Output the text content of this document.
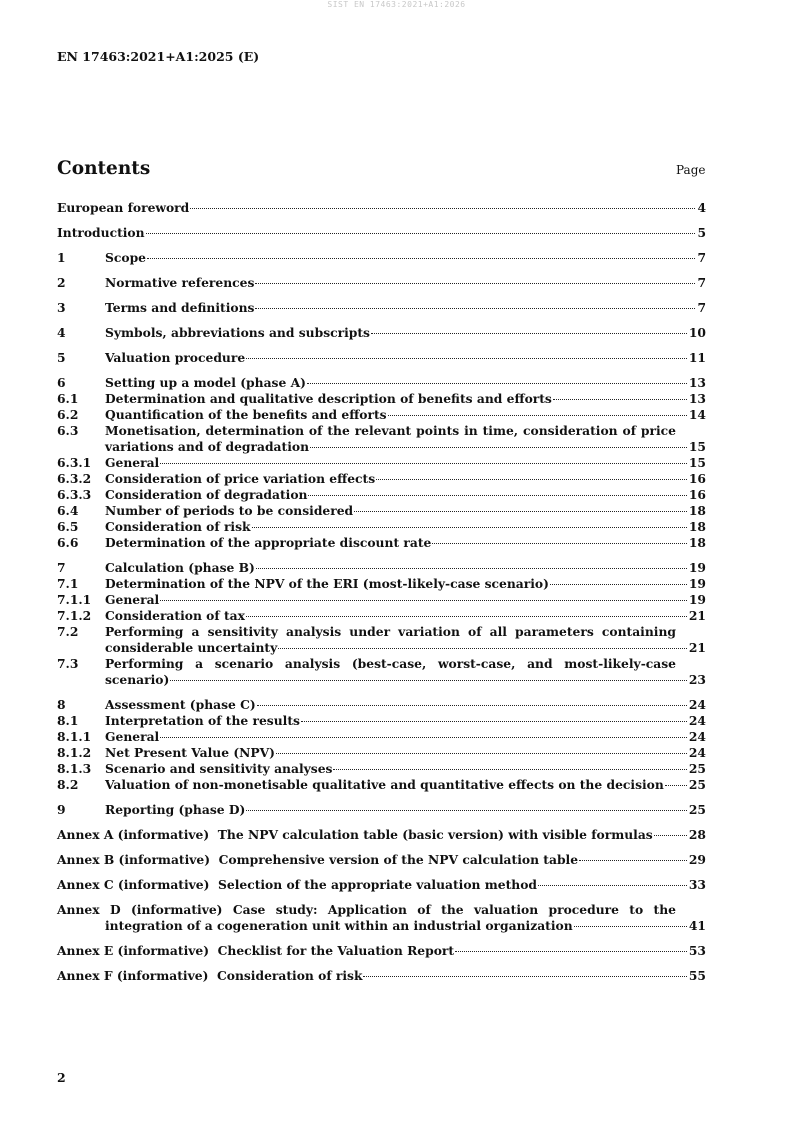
SIST EN 17463:2021+A1:2026
EN 17463:2021+A1:2025 (E)
Contents	Page
European foreword	4
Introduction	5
1	Scope	7
2	Normative references	7
3	Terms and definitions	7
4	Symbols, abbreviations and subscripts	10
5	Valuation procedure	11
6	Setting up a model (phase A)	13
6.1	Determination and qualitative description of benefits and efforts	13
6.2	Quantification of the benefits and efforts	14
6.3	Monetisation, determination of the relevant points in time, consideration of price
variations and of degradation	15
6.3.1	General	15
6.3.2	Consideration of price variation effects	16
6.3.3	Consideration of degradation	16
6.4	Number of periods to be considered	18
6.5	Consideration of risk	18
6.6	Determination of the appropriate discount rate	18
7	Calculation (phase B)	19
7.1	Determination of the NPV of the ERI (most-likely-case scenario)	19
7.1.1	General	19
7.1.2	Consideration of tax	21
7.2	Performing a sensitivity analysis under variation of all parameters containing
considerable uncertainty	21
7.3	Performing a scenario analysis (best-case, worst-case, and most-likely-case
scenario)	23
8	Assessment (phase C)	24
8.1	Interpretation of the results	24
8.1.1	General	24
8.1.2	Net Present Value (NPV)	24
8.1.3	Scenario and sensitivity analyses	25
8.2	Valuation of non-monetisable qualitative and quantitative effects on the decision 25
9	Reporting (phase D)	25
Annex A (informative)  The NPV calculation table (basic version) with visible formulas	28
Annex B (informative)  Comprehensive version of the NPV calculation table	29
Annex C (informative)  Selection of the appropriate valuation method	33
Annex D (informative) Case study: Application of the valuation procedure to the
integration of a cogeneration unit within an industrial organization	41
Annex E (informative)  Checklist for the Valuation Report	53
Annex F (informative)  Consideration of risk	55
2
